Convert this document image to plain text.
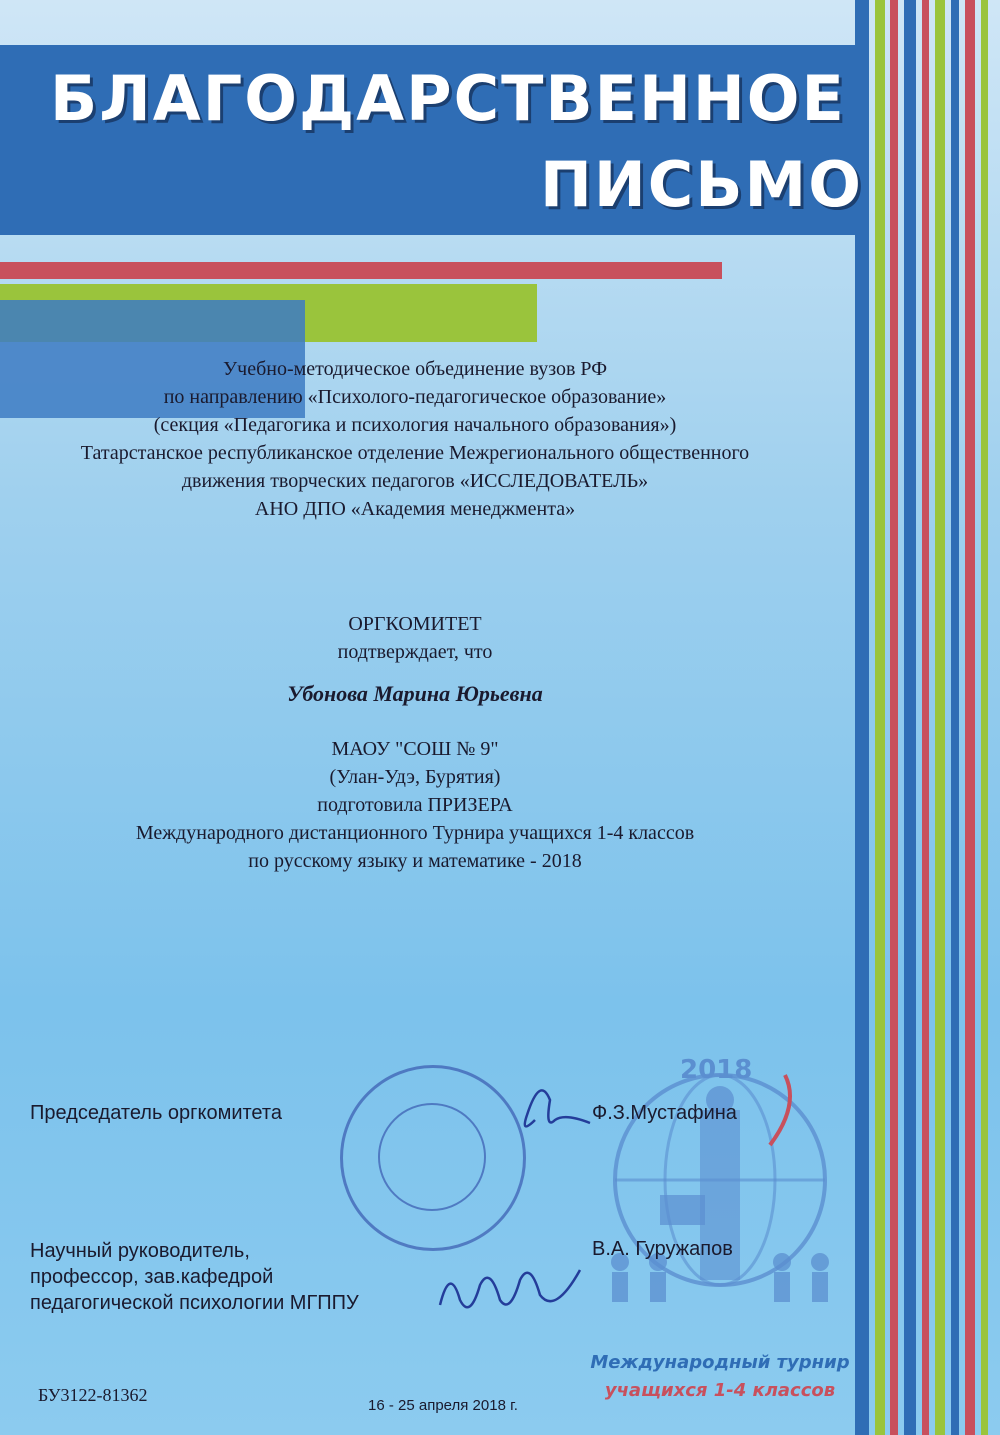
БЛАГОДАРСТВЕННОЕ
ПИСЬМО
Учебно-методическое объединение вузов РФ
по направлению «Психолого-педагогическое образование»
(секция «Педагогика и психология начального образования»)
Татарстанское республиканское отделение Межрегионального общественного
движения творческих педагогов «ИССЛЕДОВАТЕЛЬ»
АНО ДПО «Академия менеджмента»
ОРГКОМИТЕТ
подтверждает, что
Убонова Марина Юрьевна
МАОУ "СОШ № 9"
(Улан-Удэ, Бурятия)
подготовила ПРИЗЕРА
Международного дистанционного Турнира учащихся 1-4 классов
по русскому языку и математике - 2018
2018
Международный турнир
учащихся 1-4 классов
Председатель оргкомитета	Ф.З.Мустафина
Научный руководитель,
профессор, зав.кафедрой
педагогической психологии МГППУ
В.А. Гуружапов
БУ3122-81362
16 - 25 апреля 2018 г.
